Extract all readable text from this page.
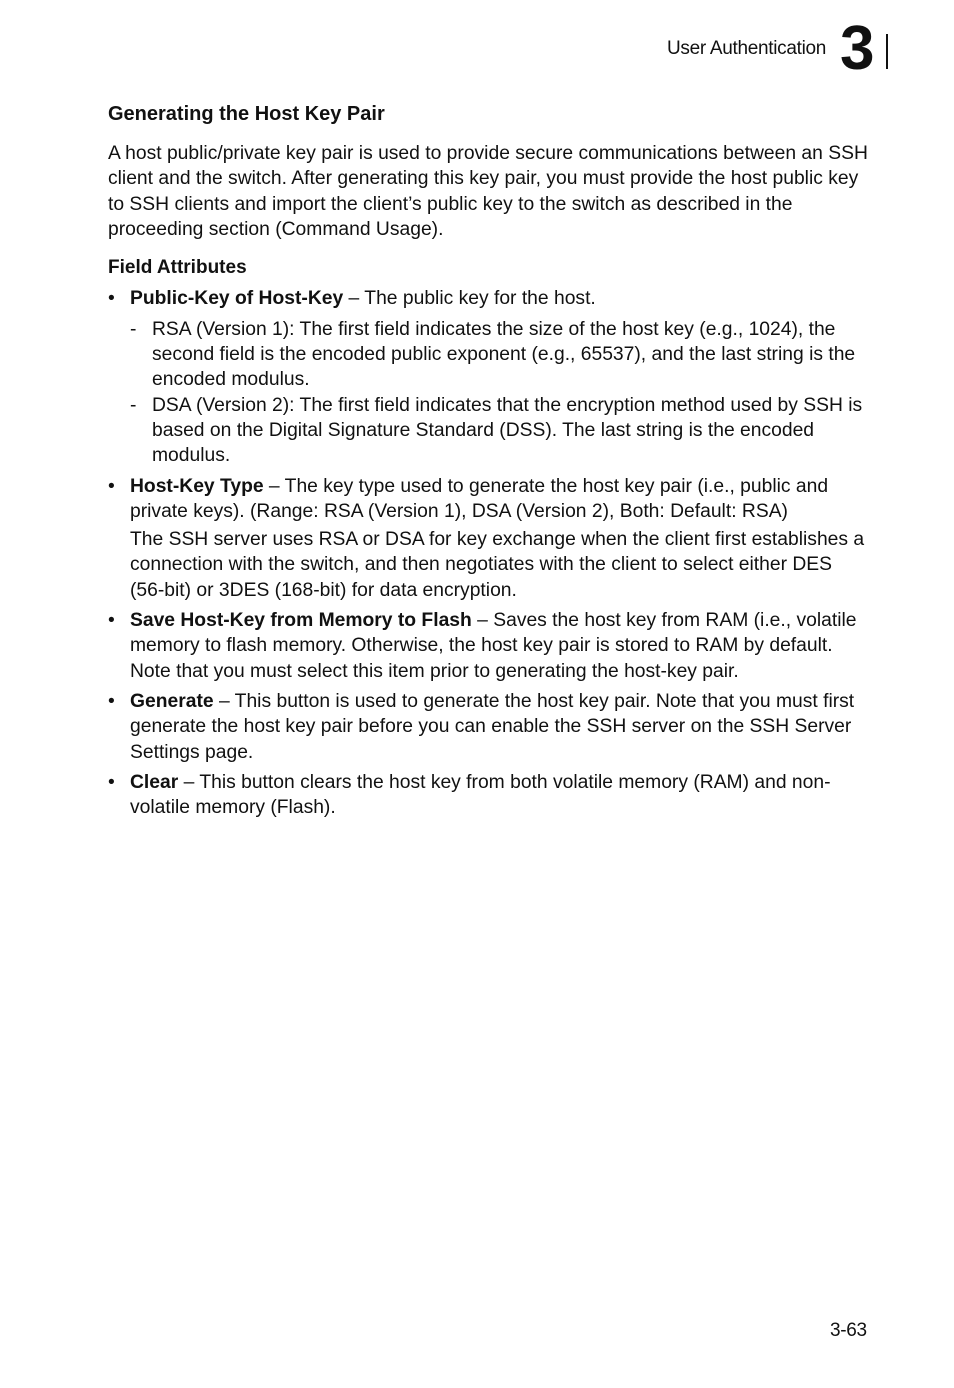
User Authentication 3
Generating the Host Key Pair

A host public/private key pair is used to provide secure communications between an SSH client and the switch. After generating this key pair, you must provide the host public key to SSH clients and import the client’s public key to the switch as described in the proceeding section (Command Usage).

Field Attributes

• Public-Key of Host-Key – The public key for the host.
- RSA (Version 1): The first field indicates the size of the host key (e.g., 1024), the second field is the encoded public exponent (e.g., 65537), and the last string is the encoded modulus.
- DSA (Version 2): The first field indicates that the encryption method used by SSH is based on the Digital Signature Standard (DSS). The last string is the encoded modulus.
• Host-Key Type – The key type used to generate the host key pair (i.e., public and private keys). (Range: RSA (Version 1), DSA (Version 2), Both: Default: RSA)

The SSH server uses RSA or DSA for key exchange when the client first establishes a connection with the switch, and then negotiates with the client to select either DES (56-bit) or 3DES (168-bit) for data encryption.

• Save Host-Key from Memory to Flash – Saves the host key from RAM (i.e., volatile memory to flash memory. Otherwise, the host key pair is stored to RAM by default. Note that you must select this item prior to generating the host-key pair.
• Generate – This button is used to generate the host key pair. Note that you must first generate the host key pair before you can enable the SSH server on the SSH Server Settings page.
• Clear – This button clears the host key from both volatile memory (RAM) and non-volatile memory (Flash).
3-63
